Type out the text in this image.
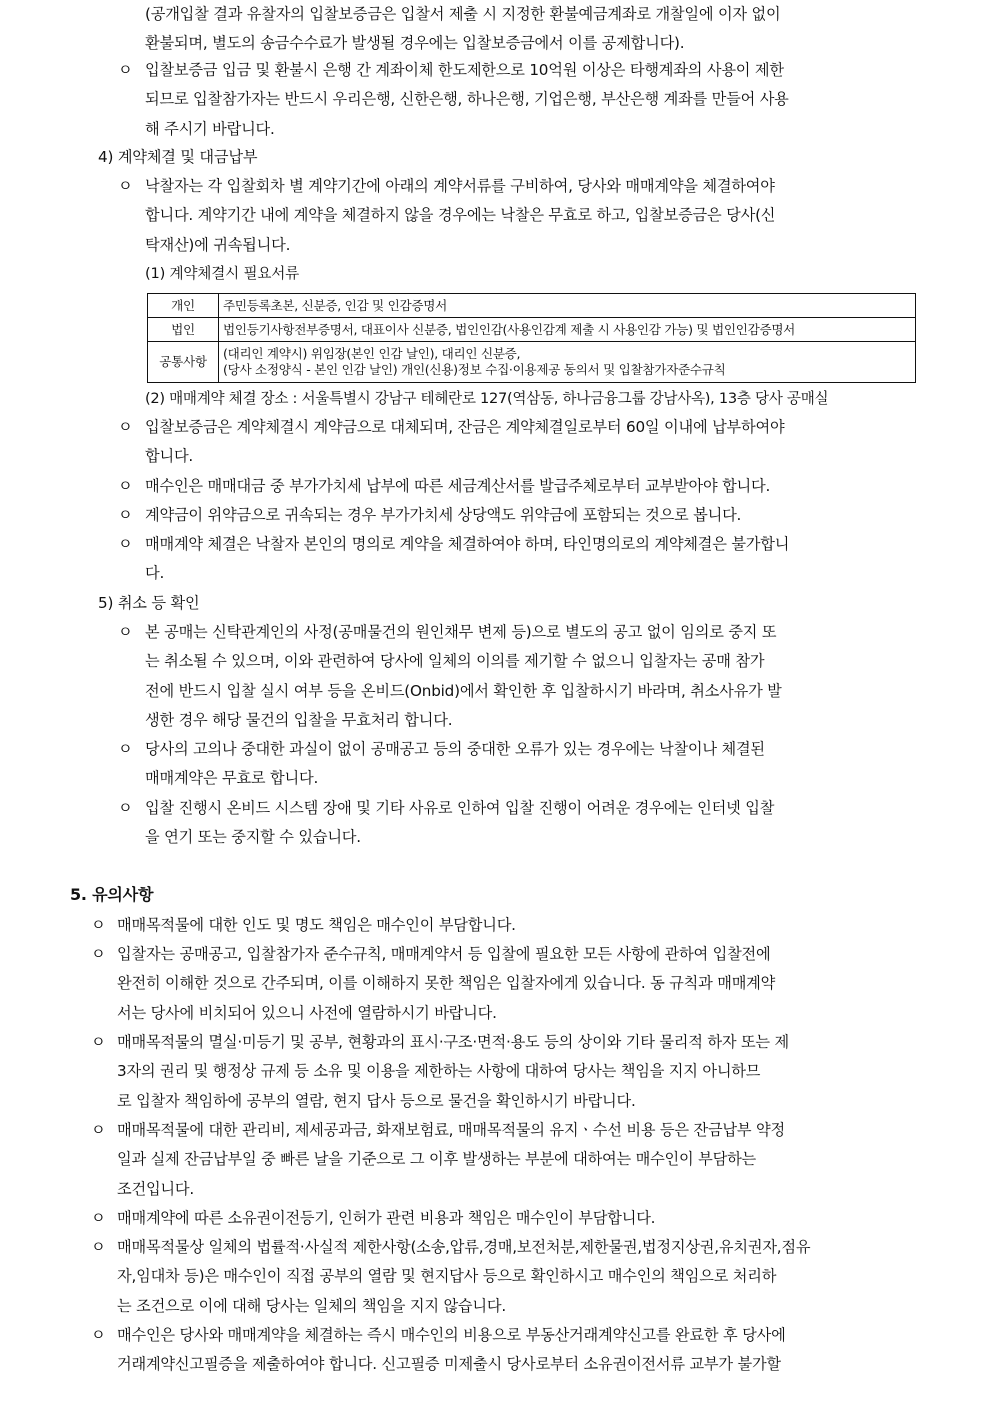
(공개입찰 결과 유찰자의 입찰보증금은 입찰서 제출 시 지정한 환불예금계좌로 개찰일에 이자 없이
환불되며, 별도의 송금수수료가 발생될 경우에는 입찰보증금에서 이를 공제합니다).
ㅇ 입찰보증금 입금 및 환불시 은행 간 계좌이체 한도제한으로 10억원 이상은 타행계좌의 사용이 제한
되므로 입찰참가자는 반드시 우리은행, 신한은행, 하나은행, 기업은행, 부산은행 계좌를 만들어 사용
해 주시기 바랍니다.
4) 계약체결 및 대금납부
ㅇ 낙찰자는 각 입찰회차 별 계약기간에 아래의 계약서류를 구비하여, 당사와 매매계약을 체결하여야
합니다. 계약기간 내에 계약을 체결하지 않을 경우에는 낙찰은 무효로 하고, 입찰보증금은 당사(신
탁재산)에 귀속됩니다.
(1) 계약체결시 필요서류
개인	주민등록초본, 신분증, 인감 및 인감증명서
법인	법인등기사항전부증명서, 대표이사 신분증, 법인인감(사용인감계 제출 시 사용인감 가능) 및 법인인감증명서
공통사항	(대리인 계약시) 위임장(본인 인감 날인), 대리인 신분증,
(당사 소정양식 - 본인 인감 날인) 개인(신용)정보 수집·이용제공 동의서 및 입찰참가자준수규칙
(2) 매매계약 체결 장소 : 서울특별시 강남구 테헤란로 127(역삼동, 하나금융그룹 강남사옥), 13층 당사 공매실
ㅇ 입찰보증금은 계약체결시 계약금으로 대체되며, 잔금은 계약체결일로부터 60일 이내에 납부하여야
합니다.
ㅇ 매수인은 매매대금 중 부가가치세 납부에 따른 세금계산서를 발급주체로부터 교부받아야 합니다.
ㅇ 계약금이 위약금으로 귀속되는 경우 부가가치세 상당액도 위약금에 포함되는 것으로 봅니다.
ㅇ 매매계약 체결은 낙찰자 본인의 명의로 계약을 체결하여야 하며, 타인명의로의 계약체결은 불가합니
다.
5) 취소 등 확인
ㅇ 본 공매는 신탁관계인의 사정(공매물건의 원인채무 변제 등)으로 별도의 공고 없이 임의로 중지 또
는 취소될 수 있으며, 이와 관련하여 당사에 일체의 이의를 제기할 수 없으니 입찰자는 공매 참가
전에 반드시 입찰 실시 여부 등을 온비드(Onbid)에서 확인한 후 입찰하시기 바라며, 취소사유가 발
생한 경우 해당 물건의 입찰을 무효처리 합니다.
ㅇ 당사의 고의나 중대한 과실이 없이 공매공고 등의 중대한 오류가 있는 경우에는 낙찰이나 체결된
매매계약은 무효로 합니다.
ㅇ 입찰 진행시 온비드 시스템 장애 및 기타 사유로 인하여 입찰 진행이 어려운 경우에는 인터넷 입찰
을 연기 또는 중지할 수 있습니다.
5. 유의사항
ㅇ 매매목적물에 대한 인도 및 명도 책임은 매수인이 부담합니다.
ㅇ 입찰자는 공매공고, 입찰참가자 준수규칙, 매매계약서 등 입찰에 필요한 모든 사항에 관하여 입찰전에
완전히 이해한 것으로 간주되며, 이를 이해하지 못한 책임은 입찰자에게 있습니다. 동 규칙과 매매계약
서는 당사에 비치되어 있으니 사전에 열람하시기 바랍니다.
ㅇ 매매목적물의 멸실·미등기 및 공부, 현황과의 표시·구조·면적·용도 등의 상이와 기타 물리적 하자 또는 제
3자의 권리 및 행정상 규제 등 소유 및 이용을 제한하는 사항에 대하여 당사는 책임을 지지 아니하므
로 입찰자 책임하에 공부의 열람, 현지 답사 등으로 물건을 확인하시기 바랍니다.
ㅇ 매매목적물에 대한 관리비, 제세공과금, 화재보험료, 매매목적물의 유지ㆍ수선 비용 등은 잔금납부 약정
일과 실제 잔금납부일 중 빠른 날을 기준으로 그 이후 발생하는 부분에 대하여는 매수인이 부담하는
조건입니다.
ㅇ 매매계약에 따른 소유권이전등기, 인허가 관련 비용과 책임은 매수인이 부담합니다.
ㅇ 매매목적물상 일체의 법률적·사실적 제한사항(소송,압류,경매,보전처분,제한물권,법정지상권,유치권자,점유
자,임대차 등)은 매수인이 직접 공부의 열람 및 현지답사 등으로 확인하시고 매수인의 책임으로 처리하
는 조건으로 이에 대해 당사는 일체의 책임을 지지 않습니다.
ㅇ 매수인은 당사와 매매계약을 체결하는 즉시 매수인의 비용으로 부동산거래계약신고를 완료한 후 당사에
거래계약신고필증을 제출하여야 합니다. 신고필증 미제출시 당사로부터 소유권이전서류 교부가 불가할
